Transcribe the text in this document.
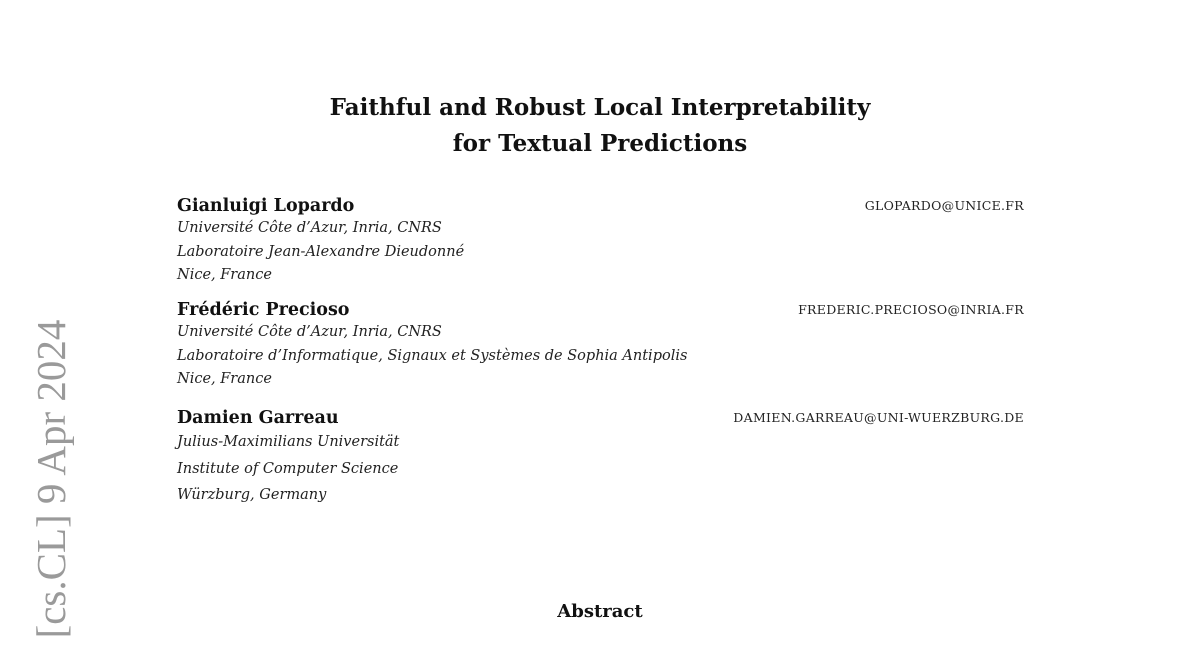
[cs.CL] 9 Apr 2024
Faithful and Robust Local Interpretability
for Textual Predictions
Gianluigi Lopardo	GLOPARDO@UNICE.FR
Université Côte d’Azur, Inria, CNRS
Laboratoire Jean-Alexandre Dieudonné
Nice, France
Frédéric Precioso	FREDERIC.PRECIOSO@INRIA.FR
Université Côte d’Azur, Inria, CNRS
Laboratoire d’Informatique, Signaux et Systèmes de Sophia Antipolis
Nice, France
Damien Garreau	DAMIEN.GARREAU@UNI-WUERZBURG.DE
Julius-Maximilians Universität
Institute of Computer Science
Würzburg, Germany
Abstract
